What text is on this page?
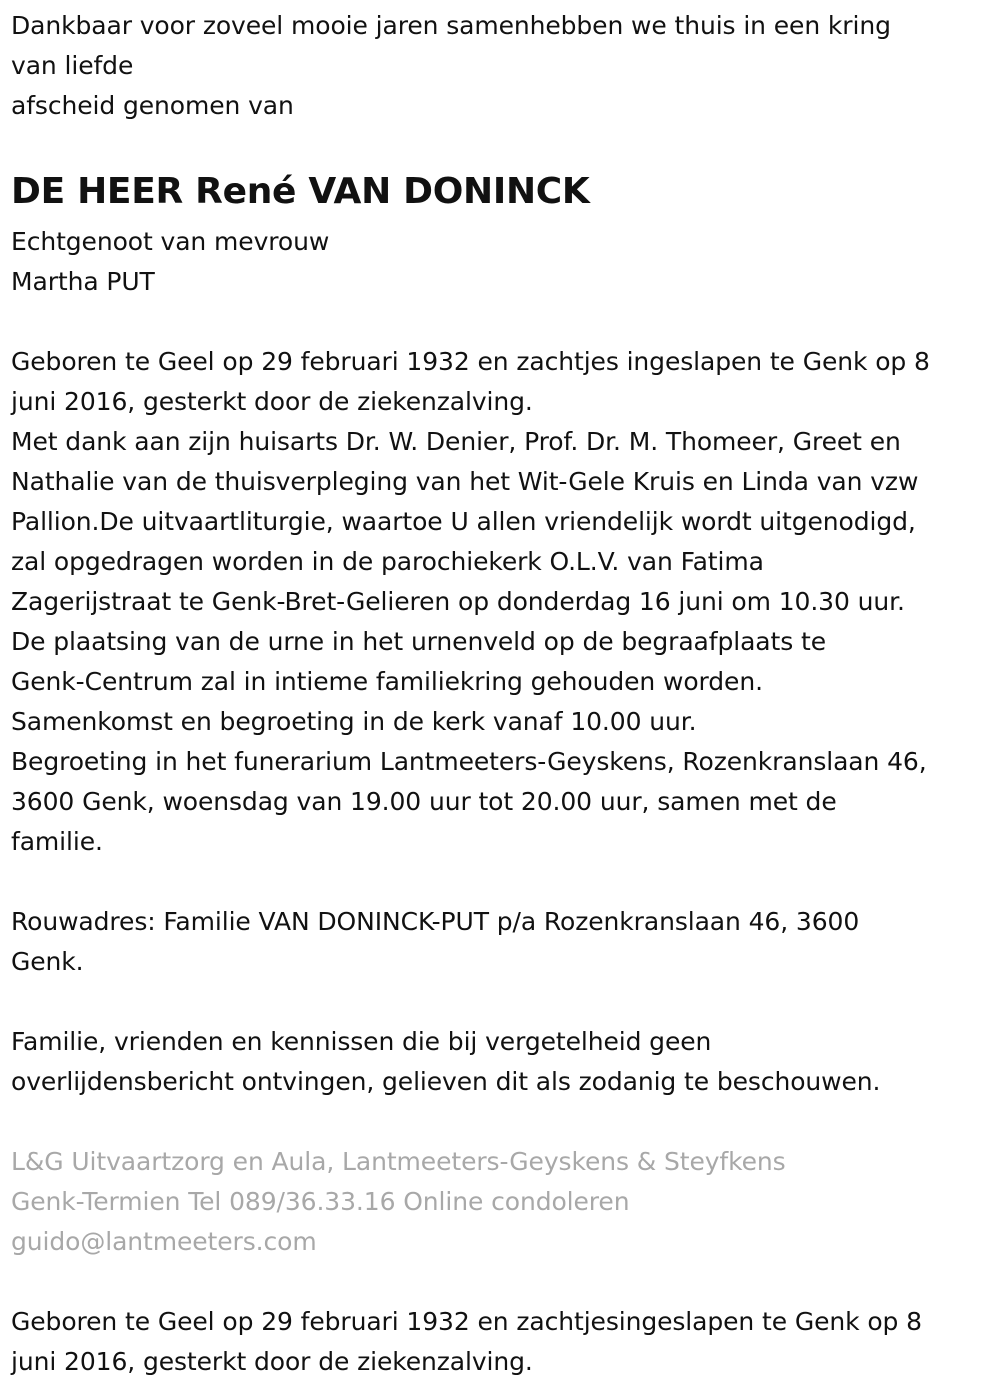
Dankbaar voor zoveel mooie jaren samenhebben we thuis in een kring

van liefde

afscheid genomen van

DE HEER René VAN DONINCK

Echtgenoot van mevrouw

Martha PUT

Geboren te Geel op 29 februari 1932 en zachtjes ingeslapen te Genk op 8

juni 2016, gesterkt door de ziekenzalving.

Met dank aan zijn huisarts Dr. W. Denier, Prof. Dr. M. Thomeer, Greet en

Nathalie van de thuisverpleging van het Wit-Gele Kruis en Linda van vzw

Pallion.De uitvaartliturgie, waartoe U allen vriendelijk wordt uitgenodigd,

zal opgedragen worden in de parochiekerk O.L.V. van Fatima

Zagerijstraat te Genk-Bret-Gelieren op donderdag 16 juni om 10.30 uur.

De plaatsing van de urne in het urnenveld op de begraafplaats te

Genk-Centrum zal in intieme familiekring gehouden worden.

Samenkomst en begroeting in de kerk vanaf 10.00 uur.

Begroeting in het funerarium Lantmeeters-Geyskens, Rozenkranslaan 46,

3600 Genk, woensdag van 19.00 uur tot 20.00 uur, samen met de

familie.

Rouwadres: Familie VAN DONINCK-PUT p/a Rozenkranslaan 46, 3600

Genk.

Familie, vrienden en kennissen die bij vergetelheid geen

overlijdensbericht ontvingen, gelieven dit als zodanig te beschouwen.

L&G Uitvaartzorg en Aula, Lantmeeters-Geyskens & Steyfkens

Genk-Termien Tel 089/36.33.16 Online condoleren

guido@lantmeeters.com

Geboren te Geel op 29 februari 1932 en zachtjesingeslapen te Genk op 8

juni 2016, gesterkt door de ziekenzalving.
